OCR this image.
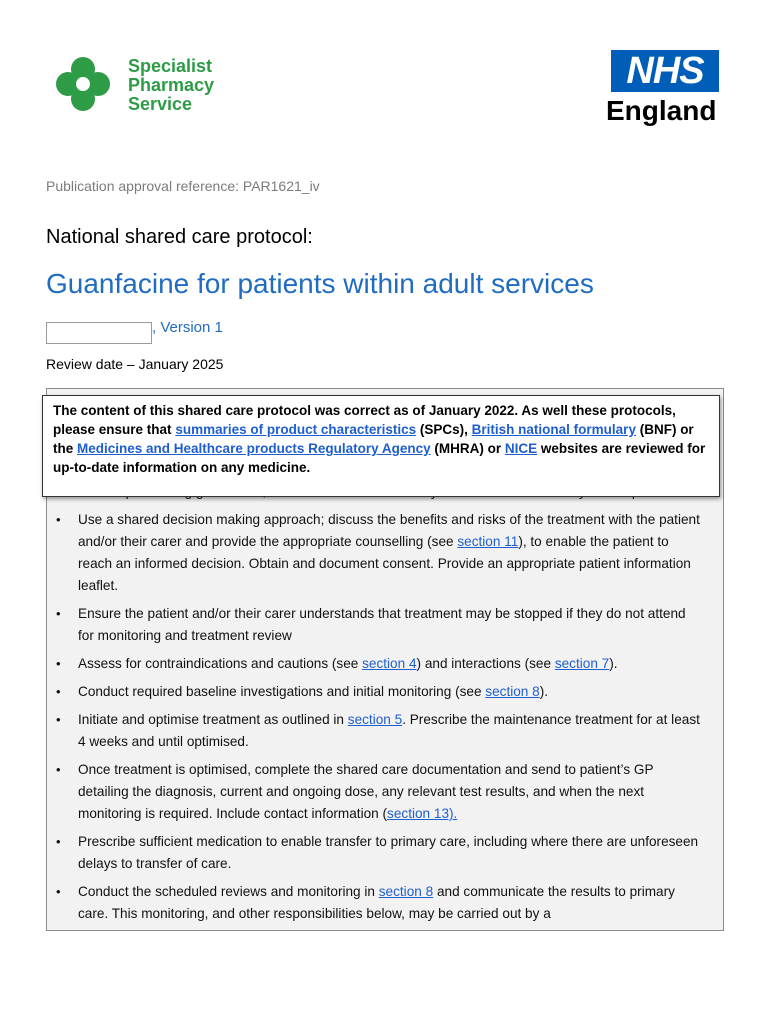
Specialist
Pharmacy
Service
NHS
England
Publication approval reference: PAR1621_iv
National shared care protocol:
Guanfacine for patients within adult services
, Version 1
Review date – January 2025
• Use a shared decision making approach; discuss the benefits and risks of the treatment with the patient and/or their carer and provide the appropriate counselling (see section 11), to enable the patient to reach an informed decision. Obtain and document consent. Provide an appropriate patient information leaflet.
• Ensure the patient and/or their carer understands that treatment may be stopped if they do not attend for monitoring and treatment review
• Assess for contraindications and cautions (see section 4) and interactions (see section 7).
• Conduct required baseline investigations and initial monitoring (see section 8).
• Initiate and optimise treatment as outlined in section 5. Prescribe the maintenance treatment for at least 4 weeks and until optimised.
• Once treatment is optimised, complete the shared care documentation and send to patient’s GP detailing the diagnosis, current and ongoing dose, any relevant test results, and when the next monitoring is required. Include contact information (section 13).
• Prescribe sufficient medication to enable transfer to primary care, including where there are unforeseen delays to transfer of care.
• Conduct the scheduled reviews and monitoring in section 8 and communicate the results to primary care. This monitoring, and other responsibilities below, may be carried out by a
The content of this shared care protocol was correct as of January 2022. As well these protocols, please ensure that summaries of product characteristics (SPCs), British national formulary (BNF) or the Medicines and Healthcare products Regulatory Agency (MHRA) or NICE websites are reviewed for up-to-date information on any medicine.
